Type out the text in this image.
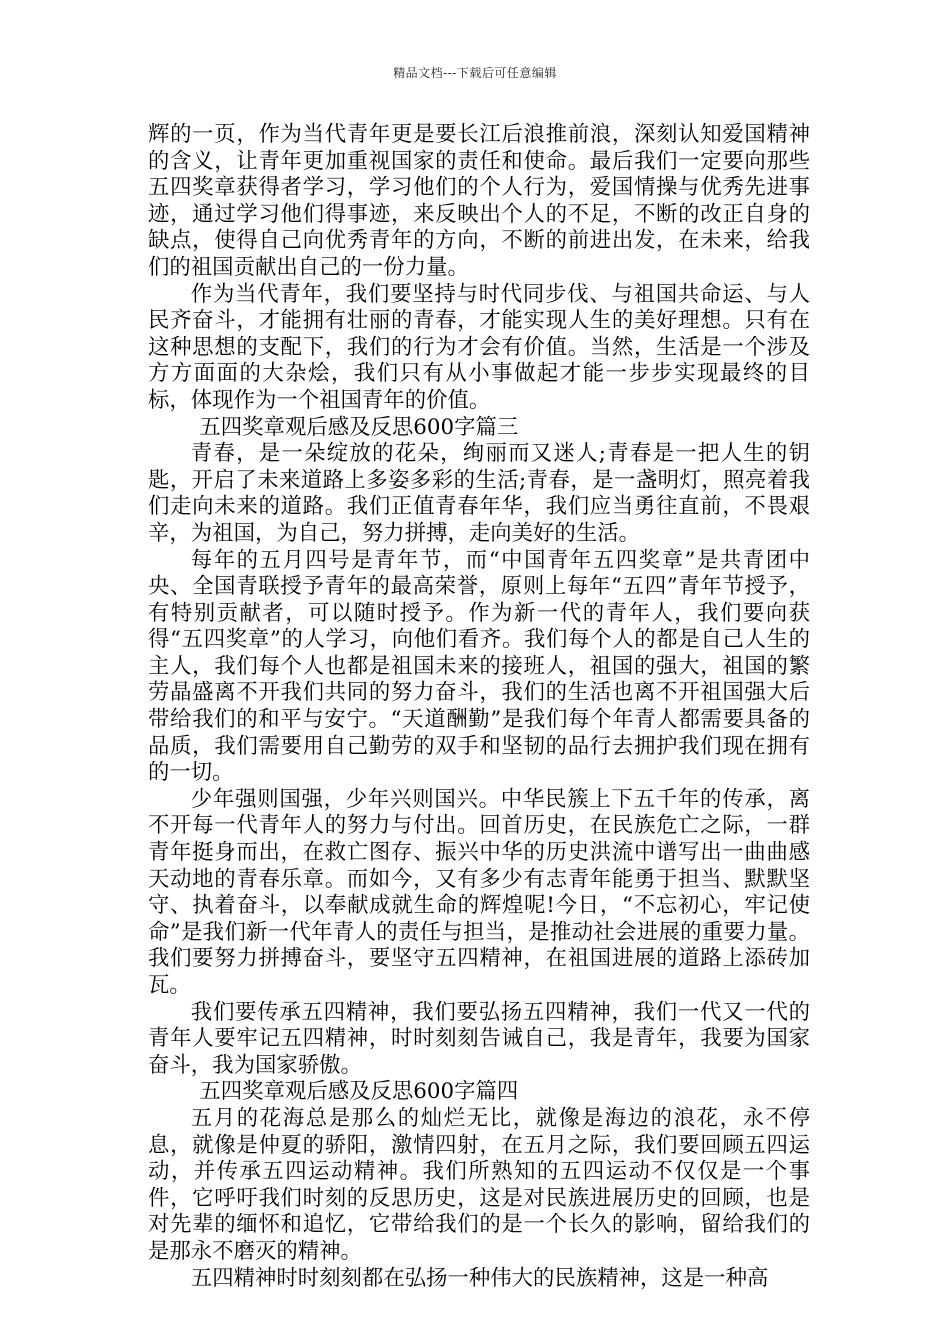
精品文档---下载后可任意编辑

辉的一页，作为当代青年更是要长江后浪推前浪，深刻认知爱国精神的含义，让青年更加重视国家的责任和使命。最后我们一定要向那些五四奖章获得者学习，学习他们的个人行为，爱国情操与优秀先进事迹，通过学习他们得事迹，来反映出个人的不足，不断的改正自身的缺点，使得自己向优秀青年的方向，不断的前进出发，在未来，给我们的祖国贡献出自己的一份力量。

作为当代青年，我们要坚持与时代同步伐、与祖国共命运、与人民齐奋斗，才能拥有壮丽的青春，才能实现人生的美好理想。只有在这种思想的支配下，我们的行为才会有价值。当然，生活是一个涉及方方面面的大杂烩，我们只有从小事做起才能一步步实现最终的目标，体现作为一个祖国青年的价值。

五四奖章观后感及反思600字篇三

青春，是一朵绽放的花朵，绚丽而又迷人;青春是一把人生的钥匙，开启了未来道路上多姿多彩的生活;青春，是一盏明灯，照亮着我们走向未来的道路。我们正值青春年华，我们应当勇往直前，不畏艰辛，为祖国，为自己，努力拼搏，走向美好的生活。

每年的五月四号是青年节，而“中国青年五四奖章”是共青团中央、全国青联授予青年的最高荣誉，原则上每年“五四”青年节授予，有特别贡献者，可以随时授予。作为新一代的青年人，我们要向获得“五四奖章”的人学习，向他们看齐。我们每个人的都是自己人生的主人，我们每个人也都是祖国未来的接班人，祖国的强大，祖国的繁劳晶盛离不开我们共同的努力奋斗，我们的生活也离不开祖国强大后带给我们的和平与安宁。“天道酬勤”是我们每个年青人都需要具备的品质，我们需要用自己勤劳的双手和坚韧的品行去拥护我们现在拥有的一切。

少年强则国强，少年兴则国兴。中华民簇上下五千年的传承，离不开每一代青年人的努力与付出。回首历史，在民族危亡之际，一群青年挺身而出，在救亡图存、振兴中华的历史洪流中谱写出一曲曲感天动地的青春乐章。而如今，又有多少有志青年能勇于担当、默默坚守、执着奋斗，以奉献成就生命的辉煌呢!今日，“不忘初心，牢记使命”是我们新一代年青人的责任与担当，是推动社会进展的重要力量。我们要努力拼搏奋斗，要坚守五四精神，在祖国进展的道路上添砖加瓦。

我们要传承五四精神，我们要弘扬五四精神，我们一代又一代的青年人要牢记五四精神，时时刻刻告诫自己，我是青年，我要为国家奋斗，我为国家骄傲。

五四奖章观后感及反思600字篇四

五月的花海总是那么的灿烂无比，就像是海边的浪花，永不停息，就像是仲夏的骄阳，激情四射，在五月之际，我们要回顾五四运动，并传承五四运动精神。我们所熟知的五四运动不仅仅是一个事件，它呼吁我们时刻的反思历史，这是对民族进展历史的回顾，也是对先辈的缅怀和追忆，它带给我们的是一个长久的影响，留给我们的是那永不磨灭的精神。

五四精神时时刻刻都在弘扬一种伟大的民族精神，这是一种高
